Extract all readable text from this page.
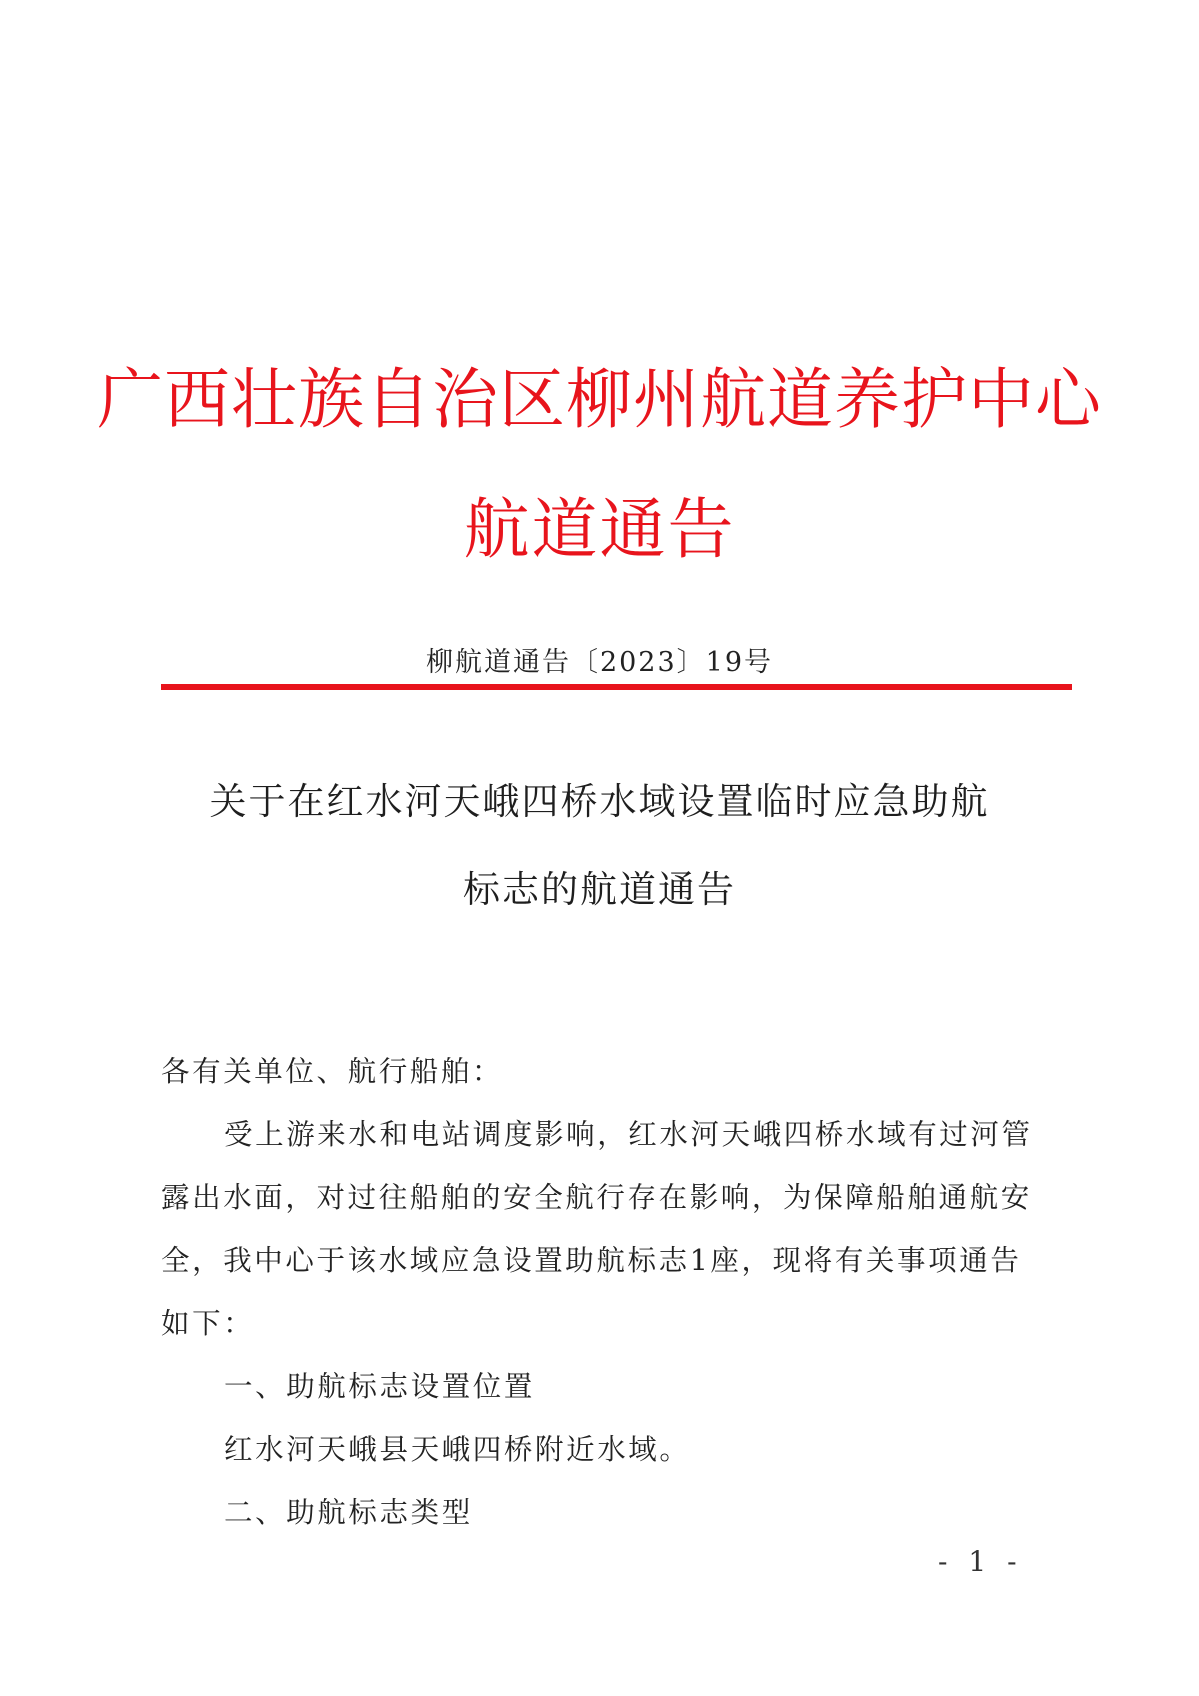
广西壮族自治区柳州航道养护中心
航道通告
柳航道通告〔2023〕19号
关于在红水河天峨四桥水域设置临时应急助航
标志的航道通告
各有关单位、航行船舶：
受上游来水和电站调度影响，红水河天峨四桥水域有过河管
露出水面，对过往船舶的安全航行存在影响，为保障船舶通航安
全，我中心于该水域应急设置助航标志1座，现将有关事项通告
如下：
一、助航标志设置位置
红水河天峨县天峨四桥附近水域。
二、助航标志类型
- 1 -
